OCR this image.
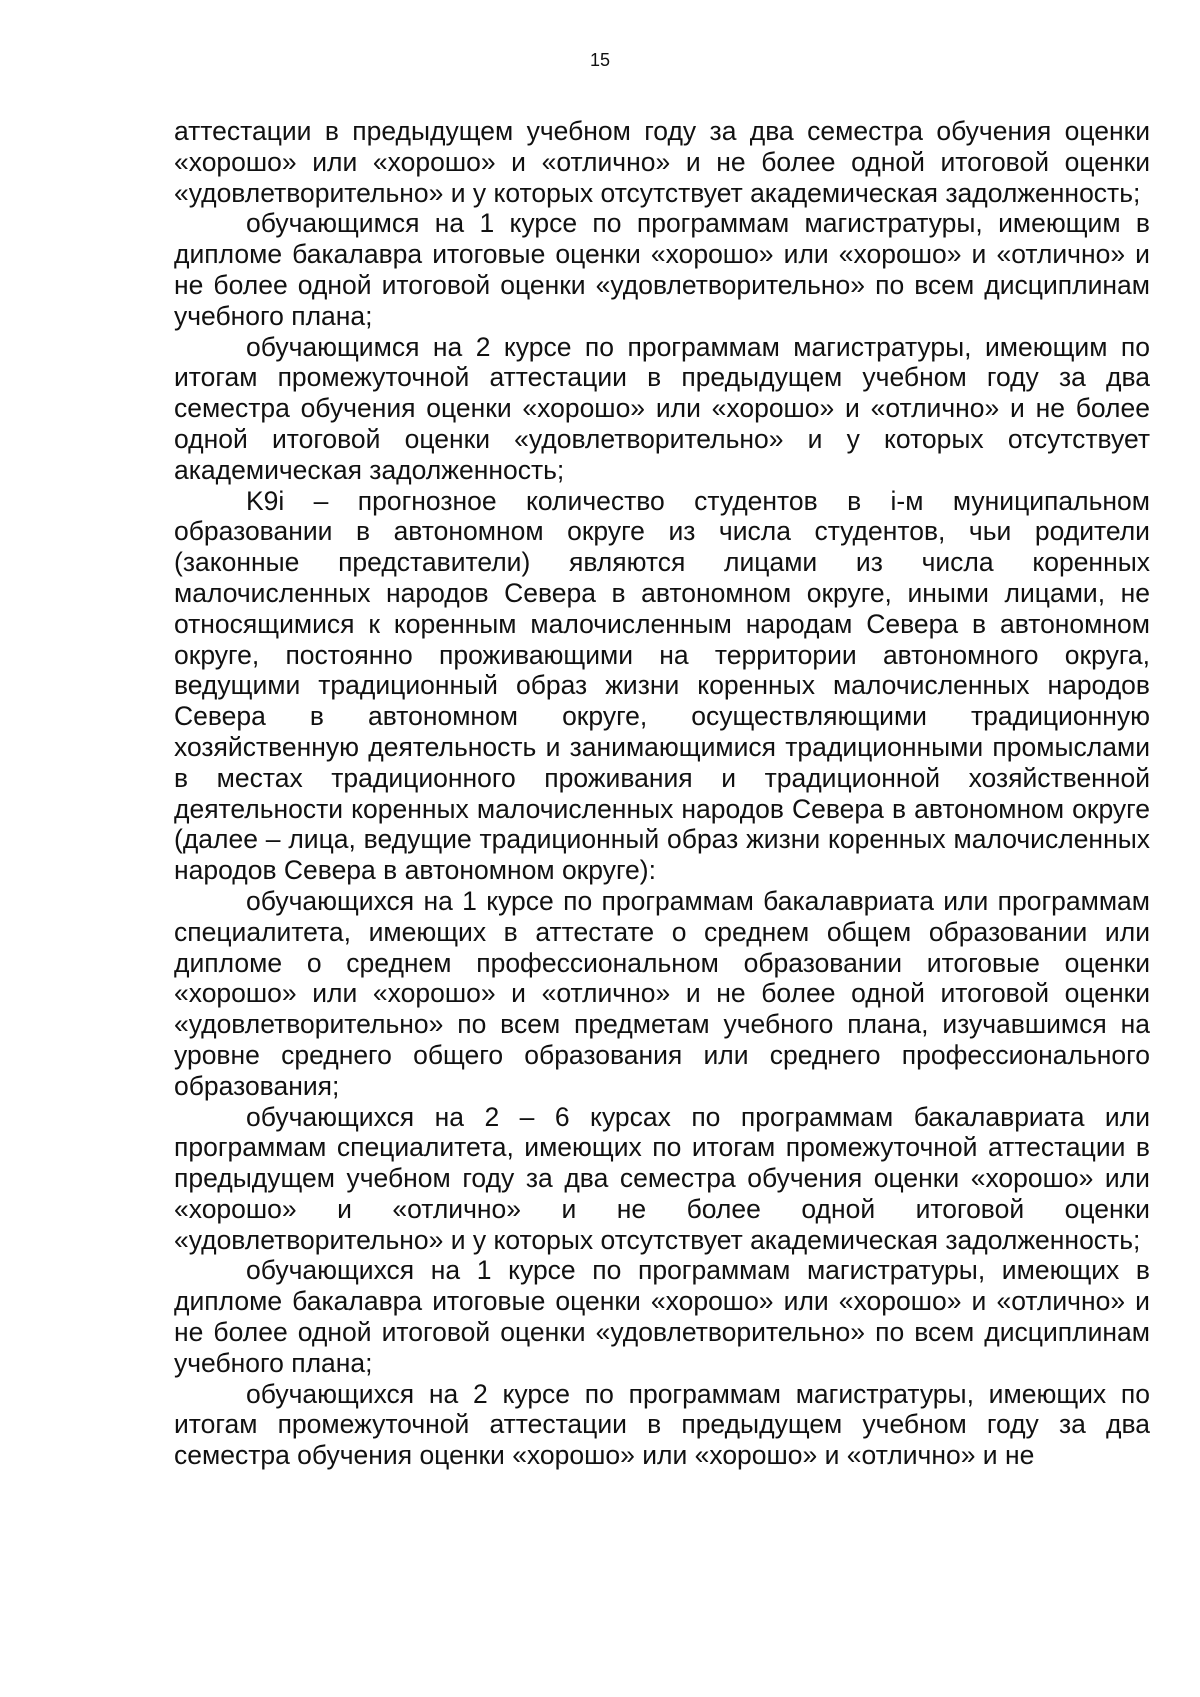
15

аттестации в предыдущем учебном году за два семестра обучения оценки «хорошо» или «хорошо» и «отлично» и не более одной итоговой оценки «удовлетворительно» и у которых отсутствует академическая задолженность;

обучающимся на 1 курсе по программам магистратуры, имеющим в дипломе бакалавра итоговые оценки «хорошо» или «хорошо» и «отлично» и не более одной итоговой оценки «удовлетворительно» по всем дисциплинам учебного плана;

обучающимся на 2 курсе по программам магистратуры, имеющим по итогам промежуточной аттестации в предыдущем учебном году за два семестра обучения оценки «хорошо» или «хорошо» и «отлично» и не более одной итоговой оценки «удовлетворительно» и у которых отсутствует академическая задолженность;

K9i – прогнозное количество студентов в i-м муниципальном образовании в автономном округе из числа студентов, чьи родители (законные представители) являются лицами из числа коренных малочисленных народов Севера в автономном округе, иными лицами, не относящимися к коренным малочисленным народам Севера в автономном округе, постоянно проживающими на территории автономного округа, ведущими традиционный образ жизни коренных малочисленных народов Севера в автономном округе, осуществляющими традиционную хозяйственную деятельность и занимающимися традиционными промыслами в местах традиционного проживания и традиционной хозяйственной деятельности коренных малочисленных народов Севера в автономном округе (далее – лица, ведущие традиционный образ жизни коренных малочисленных народов Севера в автономном округе):

обучающихся на 1 курсе по программам бакалавриата или программам специалитета, имеющих в аттестате о среднем общем образовании или дипломе о среднем профессиональном образовании итоговые оценки «хорошо» или «хорошо» и «отлично» и не более одной итоговой оценки «удовлетворительно» по всем предметам учебного плана, изучавшимся на уровне среднего общего образования или среднего профессионального образования;

обучающихся на 2 – 6 курсах по программам бакалавриата или программам специалитета, имеющих по итогам промежуточной аттестации в предыдущем учебном году за два семестра обучения оценки «хорошо» или «хорошо» и «отлично» и не более одной итоговой оценки «удовлетворительно» и у которых отсутствует академическая задолженность;

обучающихся на 1 курсе по программам магистратуры, имеющих в дипломе бакалавра итоговые оценки «хорошо» или «хорошо» и «отлично» и не более одной итоговой оценки «удовлетворительно» по всем дисциплинам учебного плана;

обучающихся на 2 курсе по программам магистратуры, имеющих по итогам промежуточной аттестации в предыдущем учебном году за два семестра обучения оценки «хорошо» или «хорошо» и «отлично» и не
